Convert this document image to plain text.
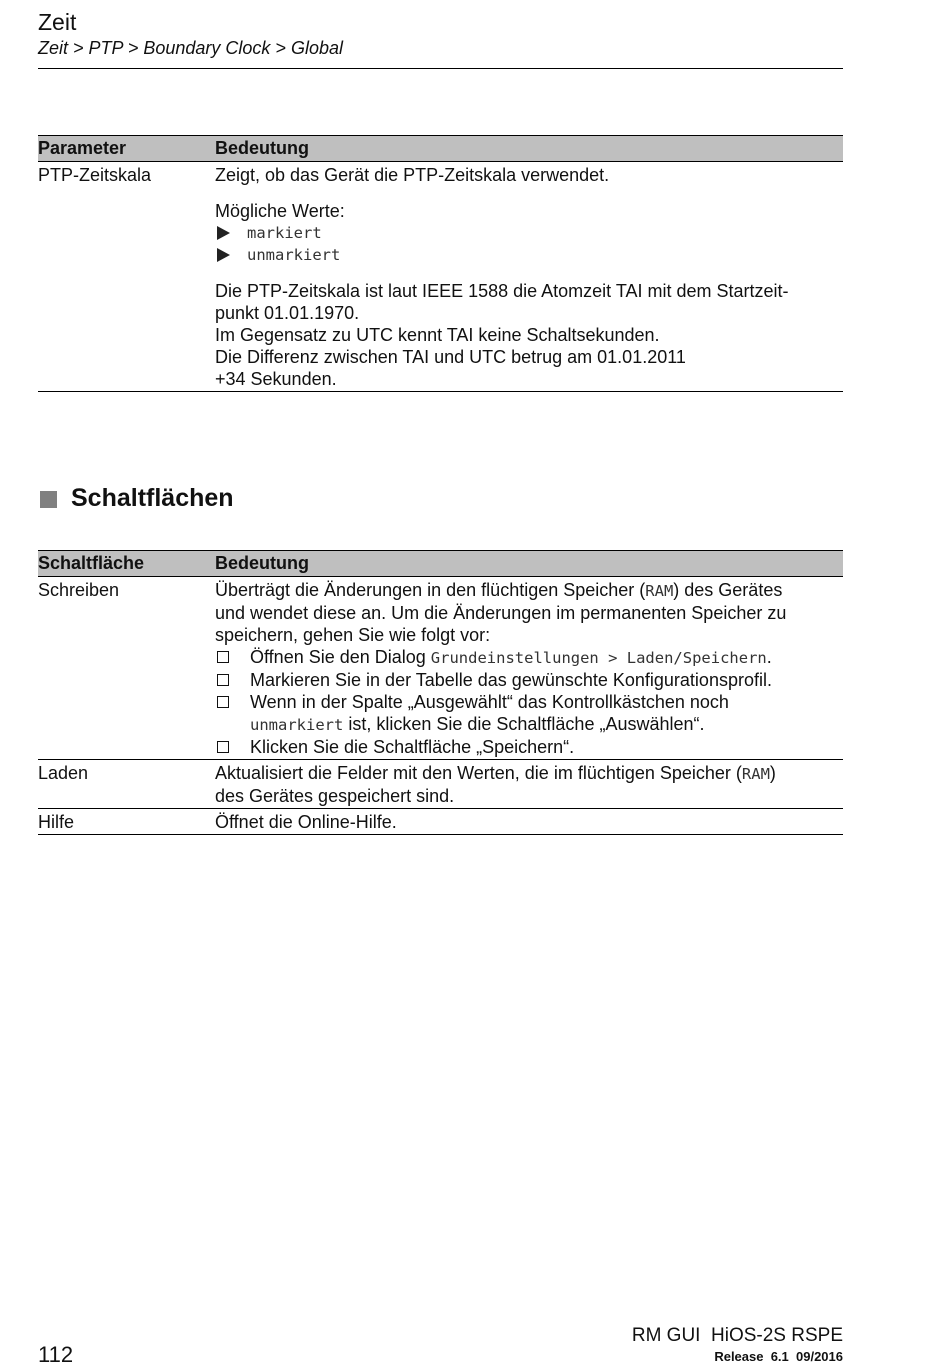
Zeit
Zeit > PTP > Boundary Clock > Global
Parameter	Bedeutung
PTP-Zeitskala	Zeigt, ob das Gerät die PTP-Zeitskala verwendet.

Mögliche Werte:

markiert
unmarkiert

Die PTP-Zeitskala ist laut IEEE 1588 die Atomzeit TAI mit dem Startzeit-

punkt 01.01.1970.

Im Gegensatz zu UTC kennt TAI keine Schaltsekunden.

Die Differenz zwischen TAI und UTC betrug am 01.01.2011

+34 Sekunden.

Schaltflächen
Schaltfläche	Bedeutung
Schreiben	Überträgt die Änderungen in den flüchtigen Speicher (RAM) des Gerätes

und wendet diese an. Um die Änderungen im permanenten Speicher zu

speichern, gehen Sie wie folgt vor:

Öffnen Sie den Dialog Grundeinstellungen > Laden/Speichern.
Markieren Sie in der Tabelle das gewünschte Konfigurationsprofil.
Wenn in der Spalte „Ausgewählt“ das Kontrollkästchen noch
unmarkiert ist, klicken Sie die Schaltfläche „Auswählen“.
Klicken Sie die Schaltfläche „Speichern“.
Laden	Aktualisiert die Felder mit den Werten, die im flüchtigen Speicher (RAM)

des Gerätes gespeichert sind.

Hilfe	Öffnet die Online-Hilfe.
112
RM GUI  HiOS-2S RSPE
Release  6.1  09/2016
